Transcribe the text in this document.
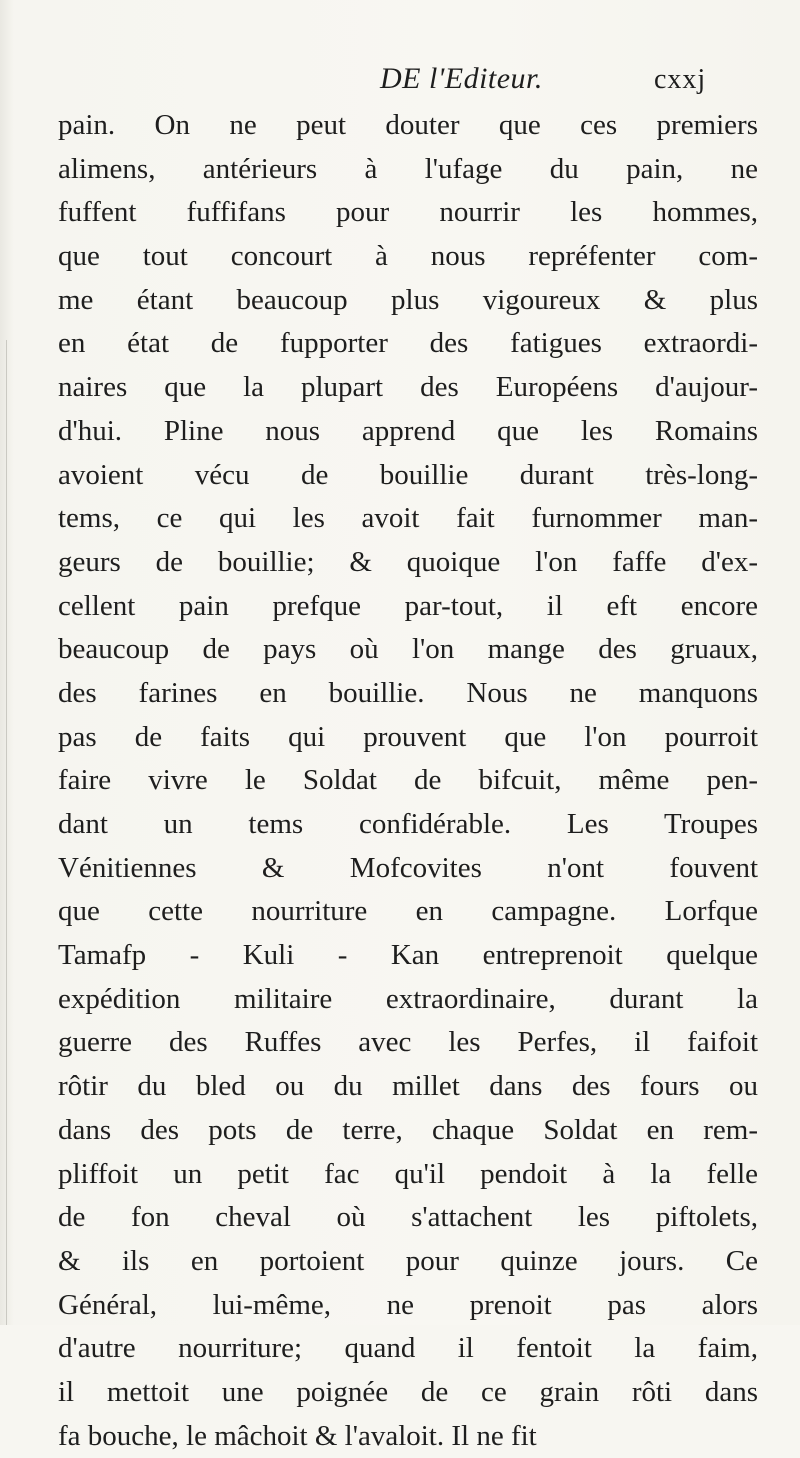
DE l'Editeur.	cxxj
pain. On ne peut douter que ces premiers
alimens, antérieurs à l'ufage du pain, ne
fuffent fuffifans pour nourrir les hommes,
que tout concourt à nous repréfenter com-
me étant beaucoup plus vigoureux & plus
en état de fupporter des fatigues extraordi-
naires que la plupart des Européens d'aujour-
d'hui. Pline nous apprend que les Romains
avoient vécu de bouillie durant très-long-
tems, ce qui les avoit fait furnommer man-
geurs de bouillie; & quoique l'on faffe d'ex-
cellent pain prefque par-tout, il eft encore
beaucoup de pays où l'on mange des gruaux,
des farines en bouillie. Nous ne manquons
pas de faits qui prouvent que l'on pourroit
faire vivre le Soldat de bifcuit, même pen-
dant un tems confidérable. Les Troupes
Vénitiennes & Mofcovites n'ont fouvent
que cette nourriture en campagne. Lorfque
Tamafp - Kuli - Kan entreprenoit quelque
expédition militaire extraordinaire, durant la
guerre des Ruffes avec les Perfes, il faifoit
rôtir du bled ou du millet dans des fours ou
dans des pots de terre, chaque Soldat en rem-
pliffoit un petit fac qu'il pendoit à la felle
de fon cheval où s'attachent les piftolets,
& ils en portoient pour quinze jours. Ce
Général, lui-même, ne prenoit pas alors
d'autre nourriture; quand il fentoit la faim,
il mettoit une poignée de ce grain rôti dans
fa bouche, le mâchoit & l'avaloit. Il ne fit
